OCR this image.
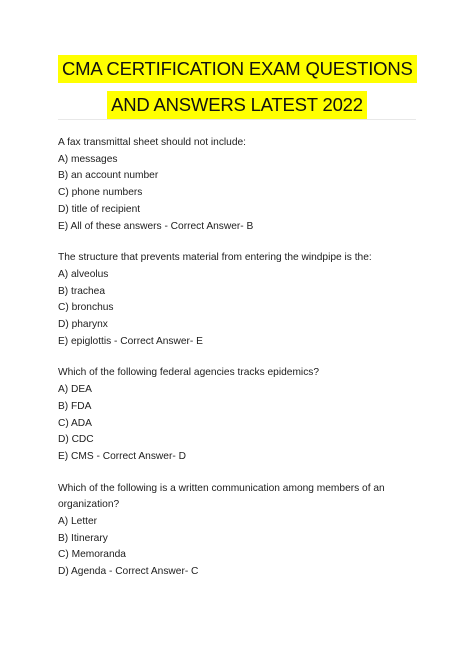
CMA CERTIFICATION EXAM QUESTIONS
AND ANSWERS LATEST 2022
A fax transmittal sheet should not include:
A) messages
B) an account number
C) phone numbers
D) title of recipient
E) All of these answers - Correct Answer- B
The structure that prevents material from entering the windpipe is the:
A) alveolus
B) trachea
C) bronchus
D) pharynx
E) epiglottis - Correct Answer- E
Which of the following federal agencies tracks epidemics?
A) DEA
B) FDA
C) ADA
D) CDC
E) CMS - Correct Answer- D
Which of the following is a written communication among members of an organization?
A) Letter
B) Itinerary
C) Memoranda
D) Agenda - Correct Answer- C
